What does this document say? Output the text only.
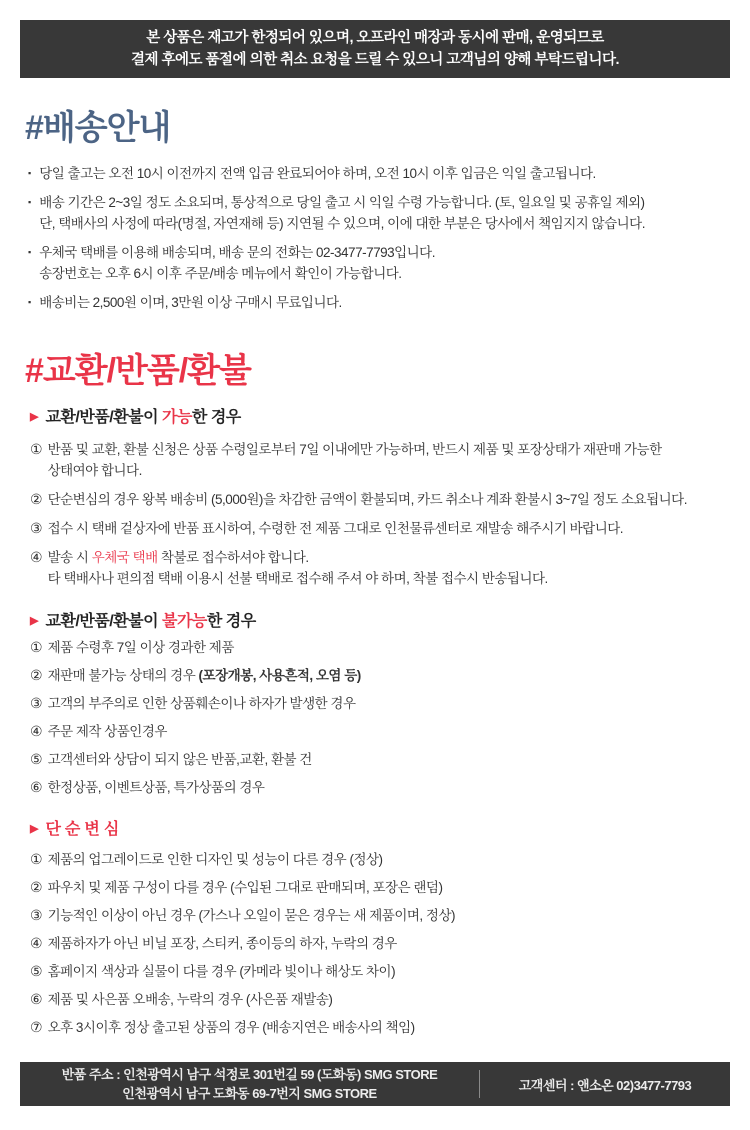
본 상품은 재고가 한정되어 있으며, 오프라인 매장과 동시에 판매, 운영되므로
결제 후에도 품절에 의한 취소 요청을 드릴 수 있으니 고객님의 양해 부탁드립니다.
#배송안내
▪ 당일 출고는 오전 10시 이전까지 전액 입금 완료되어야 하며, 오전 10시 이후 입금은 익일 출고됩니다.
▪ 배송 기간은 2~3일 정도 소요되며, 통상적으로 당일 출고 시 익일 수령 가능합니다. (토, 일요일 및 공휴일 제외)
단, 택배사의 사정에 따라(명절, 자연재해 등) 지연될 수 있으며, 이에 대한 부분은 당사에서 책임지지 않습니다.
▪ 우체국 택배를 이용해 배송되며, 배송 문의 전화는 02-3477-7793입니다.
송장번호는 오후 6시 이후 주문/배송 메뉴에서 확인이 가능합니다.
▪ 배송비는 2,500원 이며, 3만원 이상 구매시 무료입니다.
#교환/반품/환불
▶ 교환/반품/환불이 가능한 경우
① 반품 및 교환, 환불 신청은 상품 수령일로부터 7일 이내에만 가능하며, 반드시 제품 및 포장상태가 재판매 가능한
상태여야 합니다.
② 단순변심의 경우 왕복 배송비 (5,000원)을 차감한 금액이 환불되며, 카드 취소나 계좌 환불시 3~7일 정도 소요됩니다.
③ 접수 시 택배 겉상자에 반품 표시하여, 수령한 전 제품 그대로 인천물류센터로 재발송 해주시기 바랍니다.
④ 발송 시 우체국 택배 착불로 접수하셔야 합니다.
타 택배사나 편의점 택배 이용시 선불 택배로 접수해 주셔 야 하며, 착불 접수시 반송됩니다.
▶ 교환/반품/환불이 불가능한 경우
① 제품 수령후 7일 이상 경과한 제품
② 재판매 불가능 상태의 경우 (포장개봉, 사용흔적, 오염 등)
③ 고객의 부주의로 인한 상품훼손이나 하자가 발생한 경우
④ 주문 제작 상품인경우
⑤ 고객센터와 상담이 되지 않은 반품,교환, 환불 건
⑥ 한정상품, 이벤트상품, 특가상품의 경우
▶ 단순변심
① 제품의 업그레이드로 인한 디자인 및 성능이 다른 경우 (정상)
② 파우치 및 제품 구성이 다를 경우 (수입된 그대로 판매되며, 포장은 랜덤)
③ 기능적인 이상이 아닌 경우 (가스나 오일이 묻은 경우는 새 제품이며, 정상)
④ 제품하자가 아닌 비닐 포장, 스티커, 종이등의 하자, 누락의 경우
⑤ 홈페이지 색상과 실물이 다를 경우 (카메라 빛이나 해상도 차이)
⑥ 제품 및 사은품 오배송, 누락의 경우 (사은품 재발송)
⑦ 오후 3시이후 정상 출고된 상품의 경우 (배송지연은 배송사의 책임)
반품 주소 : 인천광역시 남구 석정로 301번길 59 (도화동) SMG STORE
인천광역시 남구 도화동 69-7번지 SMG STORE
고객센터 : 앤소온 02)3477-7793
